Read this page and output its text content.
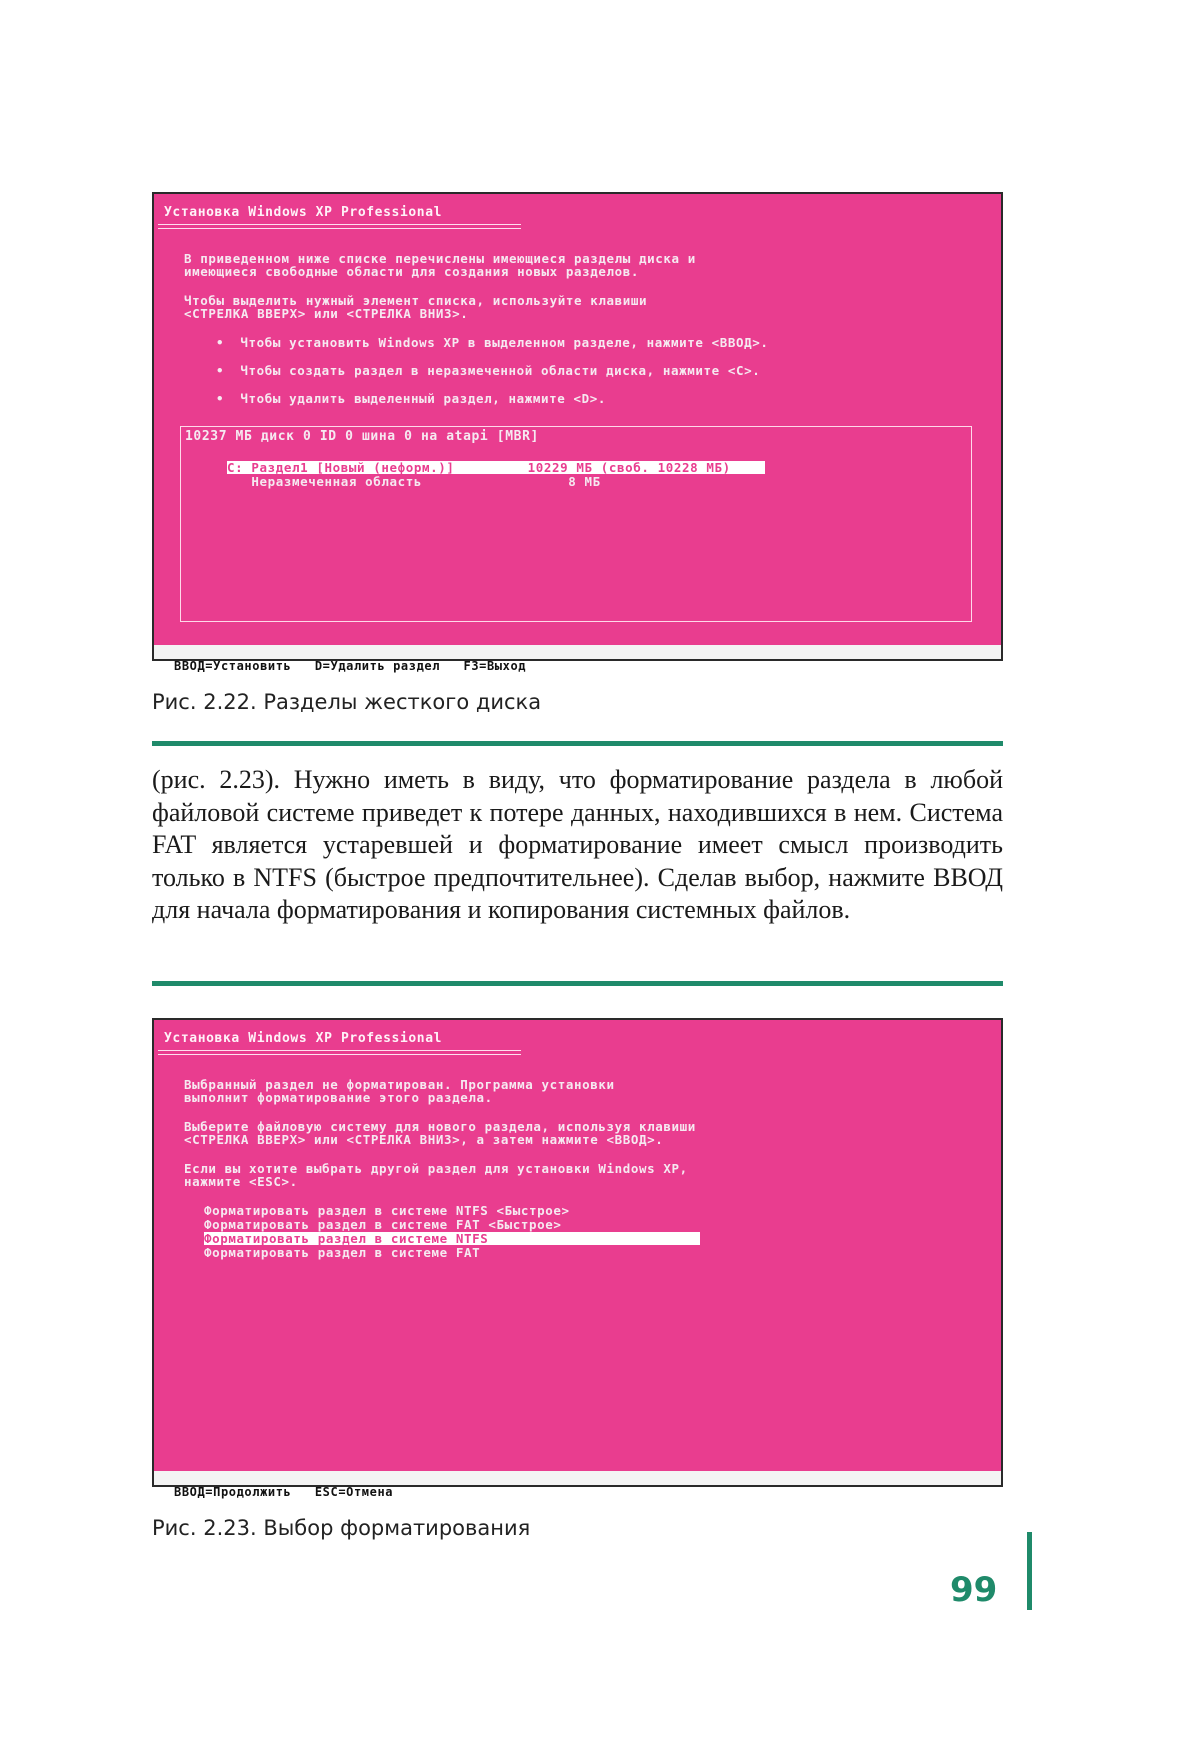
Установка Windows XP Professional

В приведенном ниже списке перечислены имеющиеся разделы диска и

имеющиеся свободные области для создания новых разделов.

Чтобы выделить нужный элемент списка, используйте клавиши

<СТРЕЛКА ВВЕРХ> или <СТРЕЛКА ВНИЗ>.

•  Чтобы установить Windows XP в выделенном разделе, нажмите <ВВОД>.

•  Чтобы создать раздел в неразмеченной области диска, нажмите <С>.

•  Чтобы удалить выделенный раздел, нажмите <D>.

10237 МБ диск 0 ID 0 шина 0 на atapi [MBR]

C: Раздел1 [Новый (неформ.)]         10229 МБ (своб. 10228 МБ)

Неразмеченная область                  8 МБ

ВВОД=Установить   D=Удалить раздел   F3=Выход

Рис. 2.22. Разделы жесткого диска
(рис. 2.23). Нужно иметь в виду, что форматирование раздела в любой файловой системе приведет к потере данных, находившихся в нем. Система FAT является устаревшей и форматирование имеет смысл производить только в NTFS (быстрое предпочтительнее). Сделав выбор, нажмите ВВОД для начала форматирования и копирования системных файлов.

Установка Windows XP Professional

Выбранный раздел не форматирован. Программа установки

выполнит форматирование этого раздела.

Выберите файловую систему для нового раздела, используя клавиши

<СТРЕЛКА ВВЕРХ> или <СТРЕЛКА ВНИЗ>, а затем нажмите <ВВОД>.

Если вы хотите выбрать другой раздел для установки Windows XP,

нажмите <ESC>.

Форматировать раздел в системе NTFS <Быстрое>

Форматировать раздел в системе FAT <Быстрое>

Форматировать раздел в системе NTFS

Форматировать раздел в системе FAT

ВВОД=Продолжить   ESC=Отмена

Рис. 2.23. Выбор форматирования
99
